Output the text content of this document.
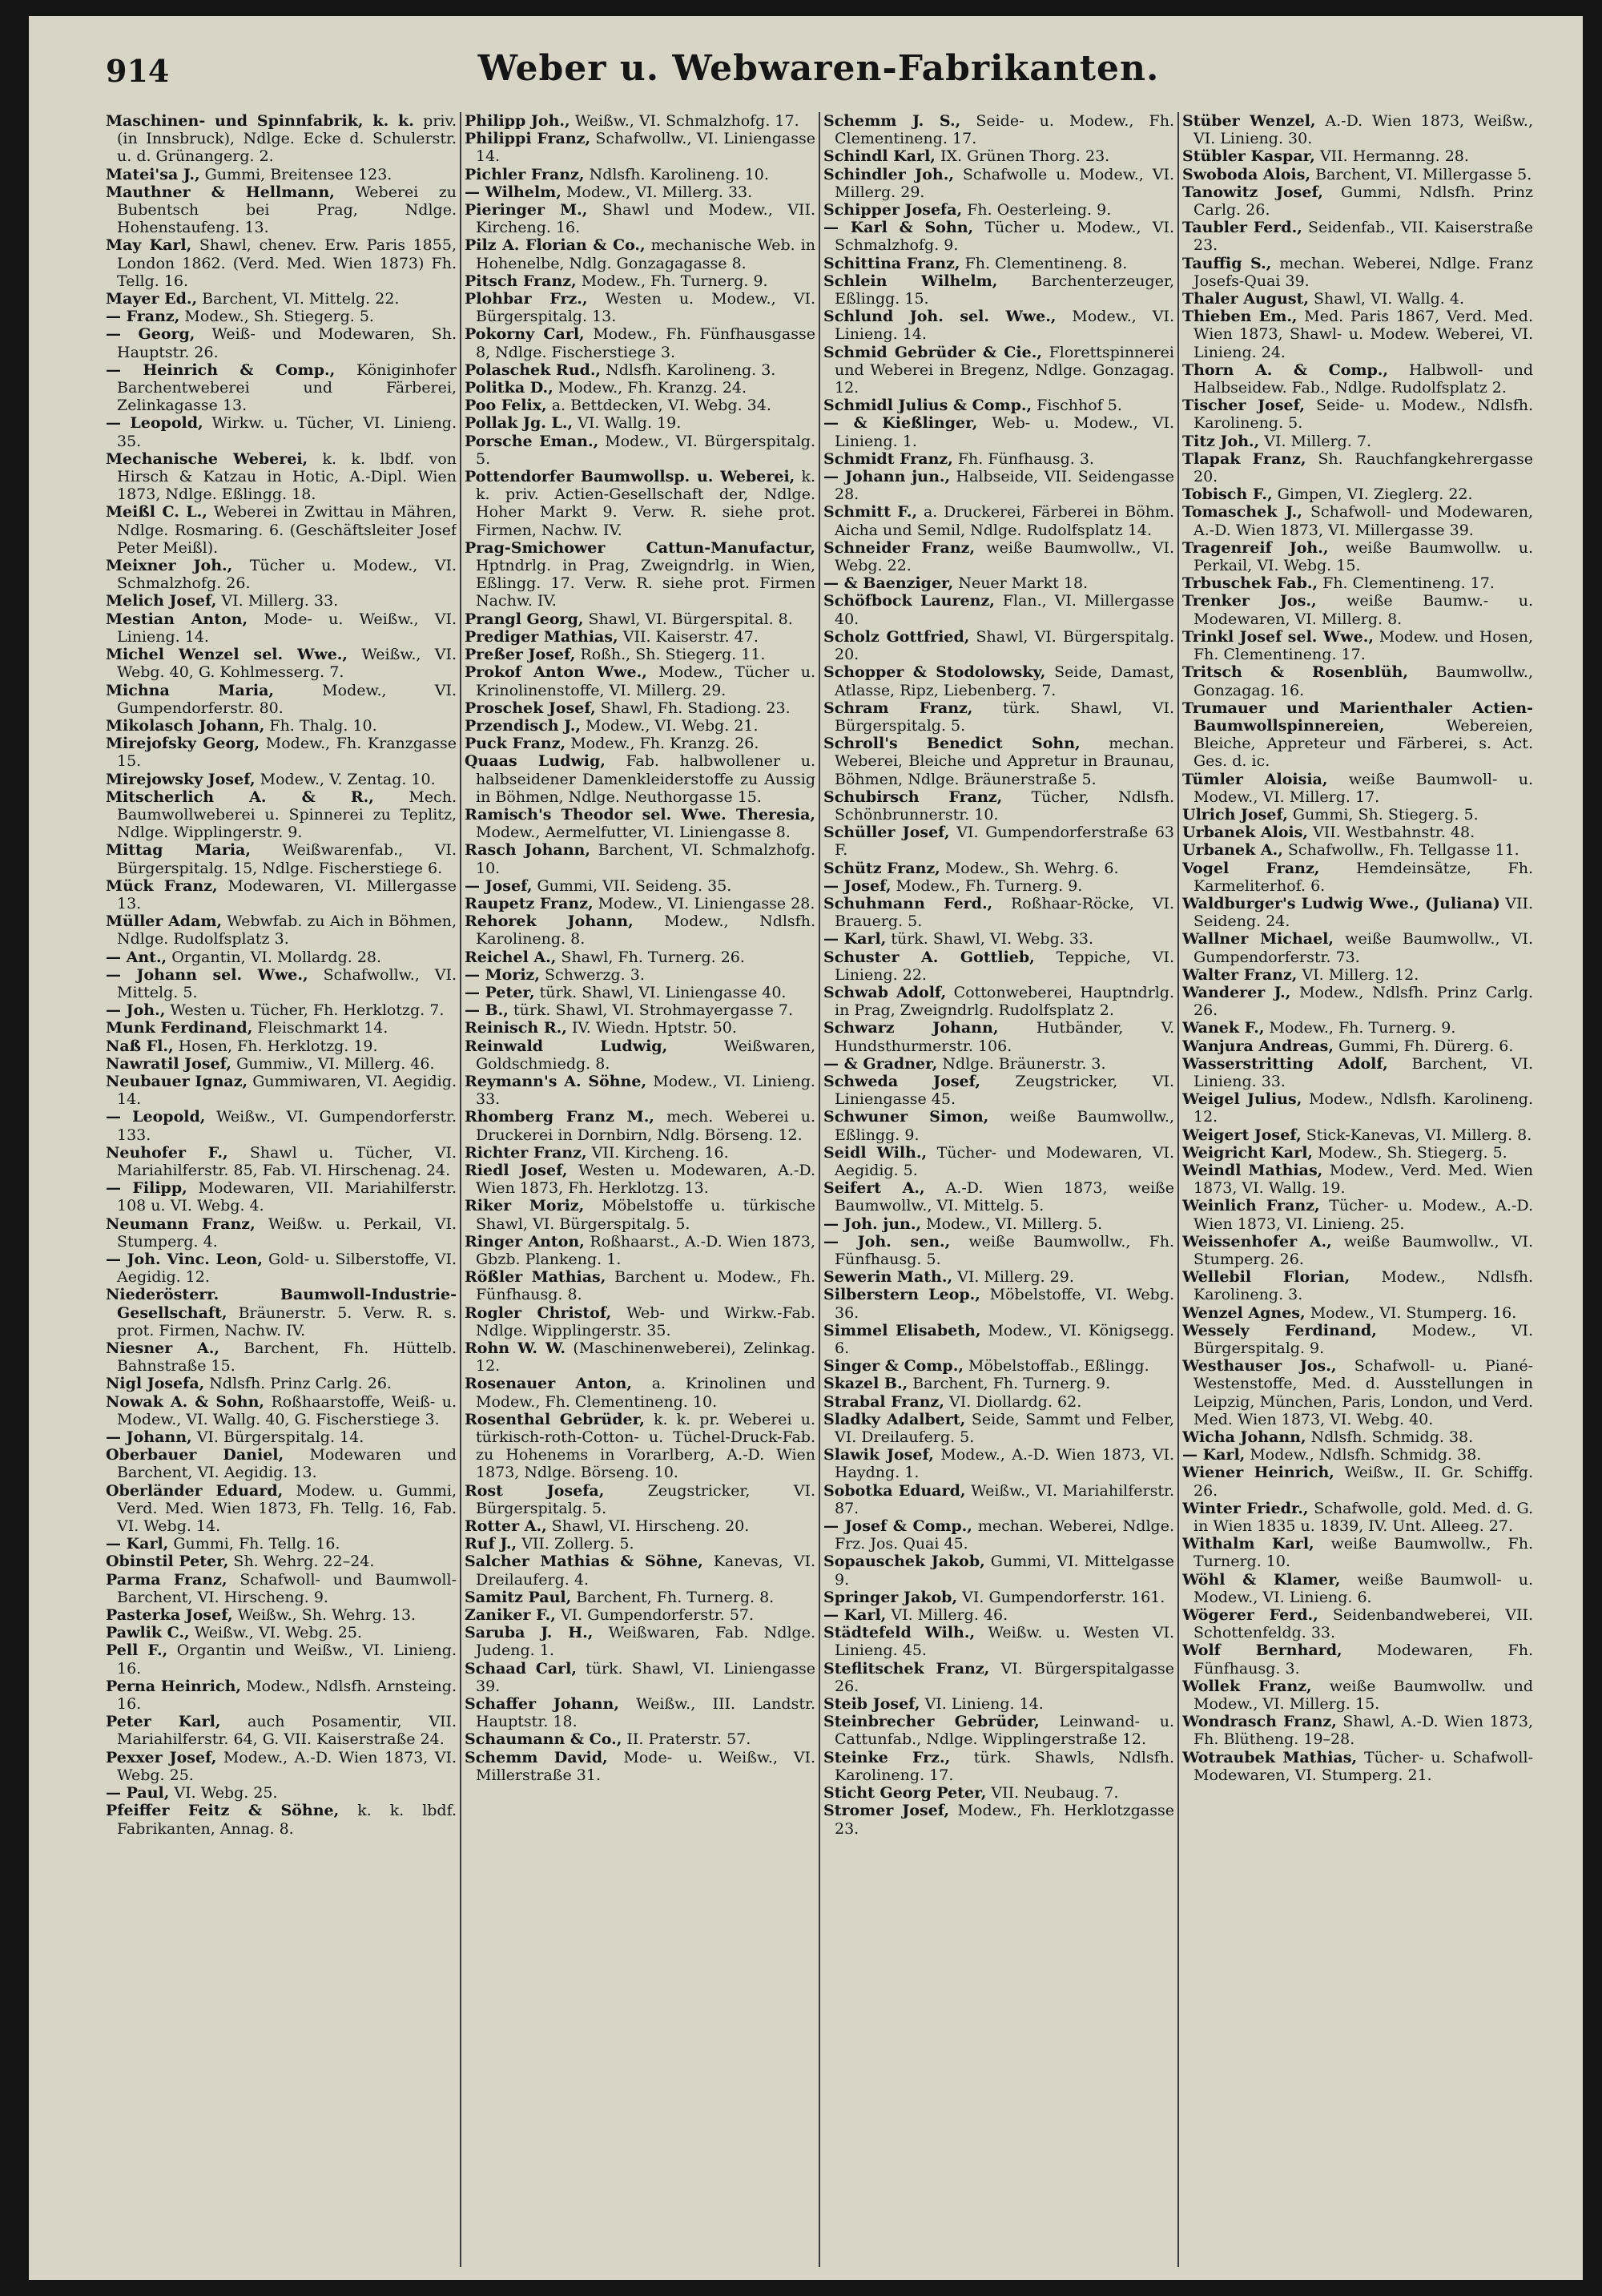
914	Weber u. Webwaren-Fabrikanten.
Maschinen- und Spinnfabrik, k. k. priv. (in Innsbruck), Ndlge. Ecke d. Schulerstr. u. d. Grünangerg. 2.
Matei'sa J., Gummi, Breitensee 123.
Mauthner & Hellmann, Weberei zu Bubentsch bei Prag, Ndlge. Hohenstaufeng. 13.
May Karl, Shawl, chenev. Erw. Paris 1855, London 1862. (Verd. Med. Wien 1873) Fh. Tellg. 16.
Mayer Ed., Barchent, VI. Mittelg. 22.
— Franz, Modew., Sh. Stiegerg. 5.
— Georg, Weiß- und Modewaren, Sh. Hauptstr. 26.
— Heinrich & Comp., Königinhofer Barchentweberei und Färberei, Zelinkagasse 13.
— Leopold, Wirkw. u. Tücher, VI. Linieng. 35.
Mechanische Weberei, k. k. lbdf. von Hirsch & Katzau in Hotic, A.-Dipl. Wien 1873, Ndlge. Eßlingg. 18.
Meißl C. L., Weberei in Zwittau in Mähren, Ndlge. Rosmaring. 6. (Geschäftsleiter Josef Peter Meißl).
Meixner Joh., Tücher u. Modew., VI. Schmalzhofg. 26.
Melich Josef, VI. Millerg. 33.
Mestian Anton, Mode- u. Weißw., VI. Linieng. 14.
Michel Wenzel sel. Wwe., Weißw., VI. Webg. 40, G. Kohlmesserg. 7.
Michna Maria,	Modew., VI. Gumpendorferstr. 80.
Mikolasch Johann, Fh. Thalg. 10.
Mirejofsky Georg, Modew., Fh. Kranzgasse 15.
Mirejowsky Josef, Modew., V. Zentag. 10.
Mitscherlich A. & R., Mech. Baumwollweberei u. Spinnerei zu Teplitz, Ndlge. Wipplingerstr. 9.
Mittag Maria, Weißwarenfab., VI. Bürgerspitalg. 15, Ndlge. Fischerstiege 6.
Mück Franz, Modewaren, VI. Millergasse 13.
Müller Adam, Webwfab. zu Aich in Böhmen, Ndlge. Rudolfsplatz 3.
— Ant., Organtin, VI. Mollardg. 28.
— Johann sel. Wwe., Schafwollw., VI. Mittelg. 5.
— Joh., Westen u. Tücher, Fh. Herklotzg. 7.
Munk Ferdinand, Fleischmarkt 14.
Naß Fl., Hosen, Fh. Herklotzg. 19.
Nawratil Josef, Gummiw., VI. Millerg. 46.
Neubauer Ignaz, Gummiwaren, VI. Aegidig. 14.
— Leopold, Weißw., VI. Gumpendorferstr. 133.
Neuhofer F., Shawl u. Tücher, VI. Mariahilferstr. 85, Fab. VI. Hirschenag. 24.
— Filipp, Modewaren, VII. Mariahilferstr. 108 u. VI. Webg. 4.
Neumann Franz, Weißw. u. Perkail, VI. Stumperg. 4.
— Joh. Vinc. Leon, Gold- u. Silberstoffe, VI. Aegidig. 12.
Niederösterr. Baumwoll-Industrie-Gesellschaft, Bräunerstr. 5. Verw. R. s. prot. Firmen, Nachw. IV.
Niesner A., Barchent, Fh. Hüttelb. Bahnstraße 15.
Nigl Josefa, Ndlsfh. Prinz Carlg. 26.
Nowak A. & Sohn, Roßhaarstoffe, Weiß- u. Modew., VI. Wallg. 40, G. Fischerstiege 3.
— Johann, VI. Bürgerspitalg. 14.
Oberbauer Daniel, Modewaren und Barchent, VI. Aegidig. 13.
Oberländer Eduard, Modew. u. Gummi, Verd. Med. Wien 1873, Fh. Tellg. 16, Fab. VI. Webg. 14.
— Karl, Gummi, Fh. Tellg. 16.
Obinstil Peter, Sh. Wehrg. 22–24.
Parma Franz, Schafwoll- und Baumwoll-Barchent, VI. Hirscheng. 9.
Pasterka Josef, Weißw., Sh. Wehrg. 13.
Pawlik C., Weißw., VI. Webg. 25.
Pell F., Organtin und Weißw., VI. Linieng. 16.
Perna Heinrich, Modew., Ndlsfh. Arnsteing. 16.
Peter Karl, auch Posamentir, VII. Mariahilferstr. 64, G. VII. Kaiserstraße 24.
Pexxer Josef, Modew., A.-D. Wien 1873, VI. Webg. 25.
— Paul, VI. Webg. 25.
Pfeiffer Feitz & Söhne, k. k. lbdf. Fabrikanten, Annag. 8.
Philipp Joh., Weißw., VI. Schmalzhofg. 17.
Philippi Franz, Schafwollw., VI. Liniengasse 14.
Pichler Franz, Ndlsfh. Karolineng. 10.
— Wilhelm, Modew., VI. Millerg. 33.
Pieringer M., Shawl und Modew., VII. Kircheng. 16.
Pilz A. Florian & Co., mechanische Web. in Hohenelbe, Ndlg. Gonzagagasse 8.
Pitsch Franz, Modew., Fh. Turnerg. 9.
Plohbar Frz., Westen u. Modew., VI. Bürgerspitalg. 13.
Pokorny Carl, Modew., Fh. Fünfhausgasse 8, Ndlge. Fischerstiege 3.
Polaschek Rud., Ndlsfh. Karolineng. 3.
Politka D., Modew., Fh. Kranzg. 24.
Poo Felix, a. Bettdecken, VI. Webg. 34.
Pollak Jg. L., VI. Wallg. 19.
Porsche Eman., Modew., VI. Bürgerspitalg. 5.
Pottendorfer Baumwollsp. u. Weberei, k. k. priv. Actien-Gesellschaft der, Ndlge. Hoher Markt 9. Verw. R. siehe prot. Firmen, Nachw. IV.
Prag-Smichower Cattun-Manufactur, Hptndrlg. in Prag, Zweigndrlg. in Wien, Eßlingg. 17. Verw. R. siehe prot. Firmen Nachw. IV.
Prangl Georg, Shawl, VI. Bürgerspital. 8.
Prediger Mathias, VII. Kaiserstr. 47.
Preßer Josef, Roßh., Sh. Stiegerg. 11.
Prokof Anton Wwe., Modew., Tücher u. Krinolinenstoffe, VI. Millerg. 29.
Proschek Josef, Shawl, Fh. Stadiong. 23.
Przendisch J., Modew., VI. Webg. 21.
Puck Franz, Modew., Fh. Kranzg. 26.
Quaas Ludwig, Fab. halbwollener u. halbseidener Damenkleiderstoffe zu Aussig in Böhmen, Ndlge. Neuthorgasse 15.
Ramisch's Theodor sel. Wwe. Theresia, Modew., Aermelfutter, VI. Liniengasse 8.
Rasch Johann, Barchent, VI. Schmalzhofg. 10.
— Josef, Gummi, VII. Seideng. 35.
Raupetz Franz, Modew., VI. Liniengasse 28.
Rehorek Johann, Modew., Ndlsfh. Karolineng. 8.
Reichel A., Shawl, Fh. Turnerg. 26.
— Moriz, Schwerzg. 3.
— Peter, türk. Shawl, VI. Liniengasse 40.
— B., türk. Shawl, VI. Strohmayergasse 7.
Reinisch R., IV. Wiedn. Hptstr. 50.
Reinwald Ludwig,	Weißwaren, Goldschmiedg. 8.
Reymann's A. Söhne, Modew., VI. Linieng. 33.
Rhomberg Franz M., mech. Weberei u. Druckerei in Dornbirn, Ndlg. Börseng. 12.
Richter Franz, VII. Kircheng. 16.
Riedl Josef, Westen u. Modewaren, A.-D. Wien 1873, Fh. Herklotzg. 13.
Riker Moriz, Möbelstoffe u. türkische Shawl, VI. Bürgerspitalg. 5.
Ringer Anton, Roßhaarst., A.-D. Wien 1873, Gbzb. Plankeng. 1.
Rößler Mathias, Barchent u. Modew., Fh. Fünfhausg. 8.
Rogler Christof, Web- und Wirkw.-Fab. Ndlge. Wipplingerstr. 35.
Rohn W. W. (Maschinenweberei), Zelinkag. 12.
Rosenauer Anton, a. Krinolinen und Modew., Fh. Clementineng. 10.
Rosenthal Gebrüder, k. k. pr. Weberei u. türkisch-roth-Cotton- u. Tüchel-Druck-Fab. zu Hohenems in Vorarlberg, A.-D. Wien 1873, Ndlge. Börseng. 10.
Rost Josefa,	Zeugstricker, VI. Bürgerspitalg. 5.
Rotter A., Shawl, VI. Hirscheng. 20.
Ruf J., VII. Zollerg. 5.
Salcher Mathias & Söhne, Kanevas, VI. Dreilauferg. 4.
Samitz Paul, Barchent, Fh. Turnerg. 8.
Zaniker F., VI. Gumpendorferstr. 57.
Saruba J. H., Weißwaren, Fab. Ndlge. Judeng. 1.
Schaad Carl, türk. Shawl, VI. Liniengasse 39.
Schaffer Johann, Weißw., III. Landstr. Hauptstr. 18.
Schaumann & Co., II. Praterstr. 57.
Schemm David, Mode- u. Weißw., VI. Millerstraße 31.
Schemm J. S., Seide- u. Modew., Fh. Clementineng. 17.
Schindl Karl, IX. Grünen Thorg. 23.
Schindler Joh., Schafwolle u. Modew., VI. Millerg. 29.
Schipper Josefa, Fh. Oesterleing. 9.
— Karl & Sohn, Tücher u. Modew., VI. Schmalzhofg. 9.
Schittina Franz, Fh. Clementineng. 8.
Schlein Wilhelm, Barchenterzeuger, Eßlingg. 15.
Schlund Joh. sel. Wwe., Modew., VI. Linieng. 14.
Schmid Gebrüder & Cie., Florettspinnerei und Weberei in Bregenz, Ndlge. Gonzagag. 12.
Schmidl Julius & Comp., Fischhof 5.
— & Kießlinger, Web- u. Modew., VI. Linieng. 1.
Schmidt Franz, Fh. Fünfhausg. 3.
— Johann jun., Halbseide, VII. Seidengasse 28.
Schmitt F., a. Druckerei, Färberei in Böhm. Aicha und Semil, Ndlge. Rudolfsplatz 14.
Schneider Franz, weiße Baumwollw., VI. Webg. 22.
— & Baenziger, Neuer Markt 18.
Schöfbock Laurenz, Flan., VI. Millergasse 40.
Scholz Gottfried, Shawl, VI. Bürgerspitalg. 20.
Schopper & Stodolowsky, Seide, Damast, Atlasse, Ripz, Liebenberg. 7.
Schram Franz, türk. Shawl, VI. Bürgerspitalg. 5.
Schroll's Benedict Sohn, mechan. Weberei, Bleiche und Appretur in Braunau, Böhmen, Ndlge. Bräunerstraße 5.
Schubirsch Franz, Tücher, Ndlsfh. Schönbrunnerstr. 10.
Schüller Josef, VI. Gumpendorferstraße 63 F.
Schütz Franz, Modew., Sh. Wehrg. 6.
— Josef, Modew., Fh. Turnerg. 9.
Schuhmann Ferd., Roßhaar-Röcke, VI. Brauerg. 5.
— Karl, türk. Shawl, VI. Webg. 33.
Schuster A. Gottlieb, Teppiche, VI. Linieng. 22.
Schwab Adolf, Cottonweberei, Hauptndrlg. in Prag, Zweigndrlg. Rudolfsplatz 2.
Schwarz Johann, Hutbänder, V. Hundsthurmerstr. 106.
— & Gradner, Ndlge. Bräunerstr. 3.
Schweda Josef, Zeugstricker, VI. Liniengasse 45.
Schwuner Simon, weiße Baumwollw., Eßlingg. 9.
Seidl Wilh., Tücher- und Modewaren, VI. Aegidig. 5.
Seifert A., A.-D. Wien 1873, weiße Baumwollw., VI. Mittelg. 5.
— Joh. jun., Modew., VI. Millerg. 5.
— Joh. sen., weiße Baumwollw., Fh. Fünfhausg. 5.
Sewerin Math., VI. Millerg. 29.
Silberstern Leop., Möbelstoffe, VI. Webg. 36.
Simmel Elisabeth, Modew., VI. Königsegg. 6.
Singer & Comp., Möbelstoffab., Eßlingg.
Skazel B., Barchent, Fh. Turnerg. 9.
Strabal Franz, VI. Diollardg. 62.
Sladky Adalbert, Seide, Sammt und Felber, VI. Dreilauferg. 5.
Slawik Josef, Modew., A.-D. Wien 1873, VI. Haydng. 1.
Sobotka Eduard, Weißw., VI. Mariahilferstr. 87.
— Josef & Comp., mechan. Weberei, Ndlge. Frz. Jos. Quai 45.
Sopauschek Jakob, Gummi, VI. Mittelgasse 9.
Springer Jakob, VI. Gumpendorferstr. 161.
— Karl, VI. Millerg. 46.
Städtefeld Wilh., Weißw. u. Westen VI. Linieng. 45.
Steflitschek Franz, VI. Bürgerspitalgasse 26.
Steib Josef, VI. Linieng. 14.
Steinbrecher Gebrüder, Leinwand- u. Cattunfab., Ndlge. Wipplingerstraße 12.
Steinke Frz., türk. Shawls, Ndlsfh. Karolineng. 17.
Sticht Georg Peter, VII. Neubaug. 7.
Stromer Josef, Modew., Fh. Herklotzgasse 23.
Stüber Wenzel, A.-D. Wien 1873, Weißw., VI. Linieng. 30.
Stübler Kaspar, VII. Hermanng. 28.
Swoboda Alois, Barchent, VI. Millergasse 5.
Tanowitz Josef, Gummi, Ndlsfh. Prinz Carlg. 26.
Taubler Ferd., Seidenfab., VII. Kaiserstraße 23.
Tauffig S., mechan. Weberei, Ndlge. Franz Josefs-Quai 39.
Thaler August, Shawl, VI. Wallg. 4.
Thieben Em., Med. Paris 1867, Verd. Med. Wien 1873, Shawl- u. Modew. Weberei, VI. Linieng. 24.
Thorn A. & Comp., Halbwoll- und Halbseidew. Fab., Ndlge. Rudolfsplatz 2.
Tischer Josef, Seide- u. Modew., Ndlsfh. Karolineng. 5.
Titz Joh., VI. Millerg. 7.
Tlapak Franz, Sh. Rauchfangkehrergasse 20.
Tobisch F., Gimpen, VI. Zieglerg. 22.
Tomaschek J., Schafwoll- und Modewaren, A.-D. Wien 1873, VI. Millergasse 39.
Tragenreif Joh., weiße Baumwollw. u. Perkail, VI. Webg. 15.
Trbuschek Fab., Fh. Clementineng. 17.
Trenker Jos., weiße Baumw.- u. Modewaren, VI. Millerg. 8.
Trinkl Josef sel. Wwe., Modew. und Hosen, Fh. Clementineng. 17.
Tritsch & Rosenblüh, Baumwollw., Gonzagag. 16.
Trumauer und Marienthaler Actien-Baumwollspinnereien,	Webereien, Bleiche, Appreteur und Färberei, s. Act. Ges. d. ic.
Tümler Aloisia, weiße Baumwoll- u. Modew., VI. Millerg. 17.
Ulrich Josef, Gummi, Sh. Stiegerg. 5.
Urbanek Alois, VII. Westbahnstr. 48.
Urbanek A., Schafwollw., Fh. Tellgasse 11.
Vogel Franz, Hemdeinsätze, Fh. Karmeliterhof. 6.
Waldburger's Ludwig Wwe., (Juliana) VII. Seideng. 24.
Wallner Michael, weiße Baumwollw., VI. Gumpendorferstr. 73.
Walter Franz, VI. Millerg. 12.
Wanderer J., Modew., Ndlsfh. Prinz Carlg. 26.
Wanek F., Modew., Fh. Turnerg. 9.
Wanjura Andreas, Gummi, Fh. Dürerg. 6.
Wasserstritting Adolf, Barchent, VI. Linieng. 33.
Weigel Julius, Modew., Ndlsfh. Karolineng. 12.
Weigert Josef, Stick-Kanevas, VI. Millerg. 8.
Weigricht Karl, Modew., Sh. Stiegerg. 5.
Weindl Mathias, Modew., Verd. Med. Wien 1873, VI. Wallg. 19.
Weinlich Franz, Tücher- u. Modew., A.-D. Wien 1873, VI. Linieng. 25.
Weissenhofer A., weiße Baumwollw., VI. Stumperg. 26.
Wellebil Florian, Modew., Ndlsfh. Karolineng. 3.
Wenzel Agnes, Modew., VI. Stumperg. 16.
Wessely Ferdinand, Modew., VI. Bürgerspitalg. 9.
Westhauser Jos., Schafwoll- u. Piané-Westenstoffe, Med. d. Ausstellungen in Leipzig, München, Paris, London, und Verd. Med. Wien 1873, VI. Webg. 40.
Wicha Johann, Ndlsfh. Schmidg. 38.
— Karl, Modew., Ndlsfh. Schmidg. 38.
Wiener Heinrich, Weißw., II. Gr. Schiffg. 26.
Winter Friedr., Schafwolle, gold. Med. d. G. in Wien 1835 u. 1839, IV. Unt. Alleeg. 27.
Withalm Karl, weiße Baumwollw., Fh. Turnerg. 10.
Wöhl & Klamer, weiße Baumwoll- u. Modew., VI. Linieng. 6.
Wögerer Ferd., Seidenbandweberei, VII. Schottenfeldg. 33.
Wolf Bernhard, Modewaren, Fh. Fünfhausg. 3.
Wollek Franz, weiße Baumwollw. und Modew., VI. Millerg. 15.
Wondrasch Franz, Shawl, A.-D. Wien 1873, Fh. Blütheng. 19–28.
Wotraubek Mathias, Tücher- u. Schafwoll-Modewaren, VI. Stumperg. 21.
